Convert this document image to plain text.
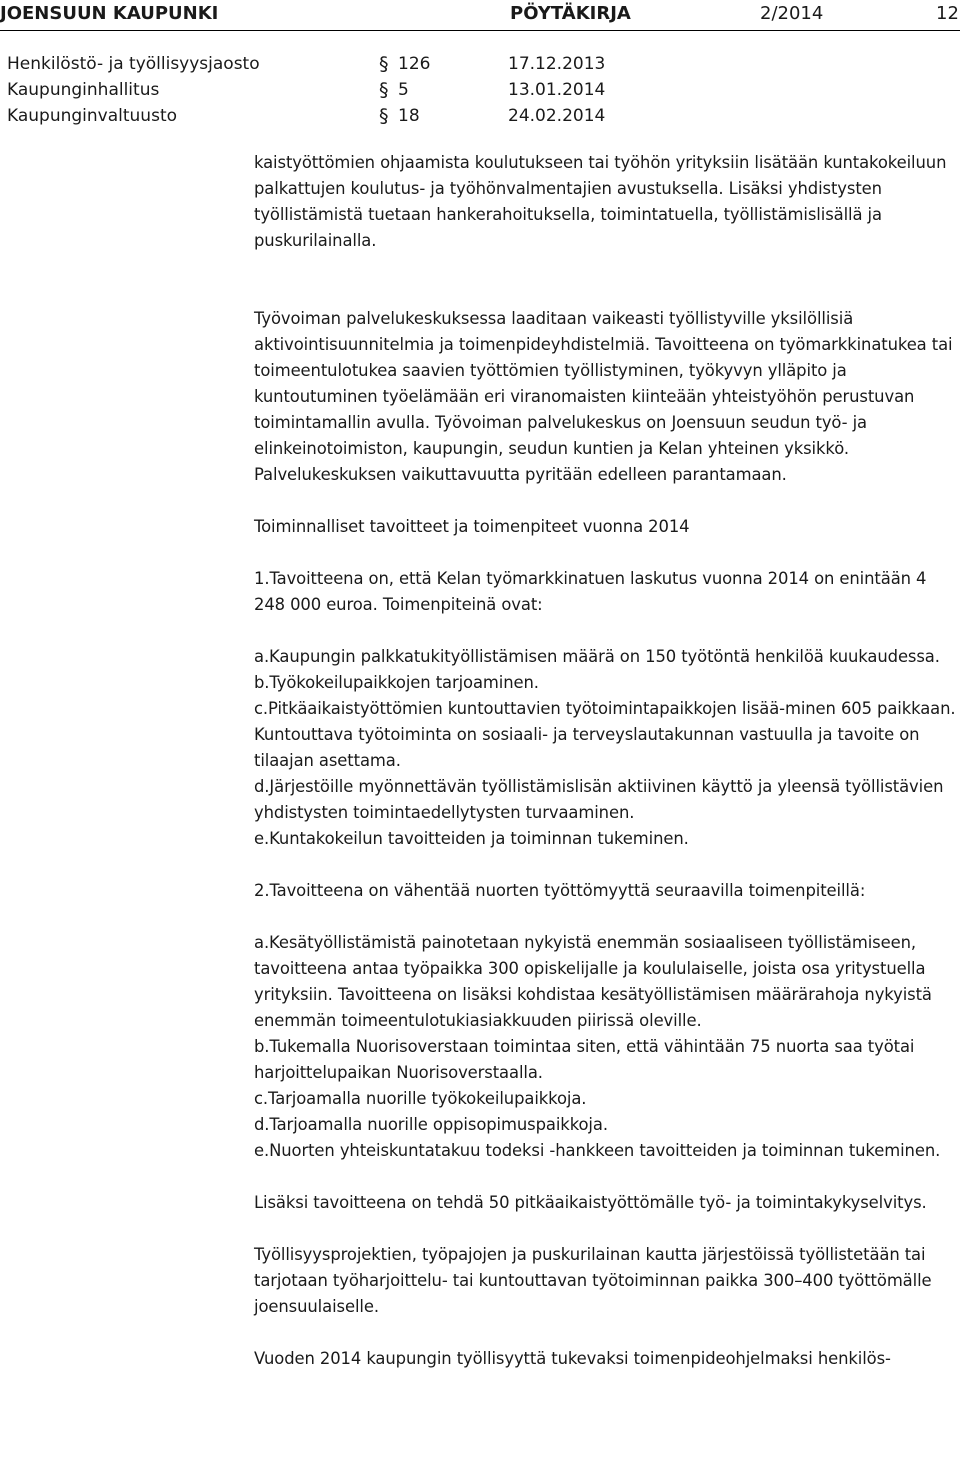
JOENSUUN KAUPUNKI	PÖYTÄKIRJA	2/2014	12
Henkilöstö- ja työllisyysjaosto	§ 126	17.12.2013
Kaupunginhallitus	§ 5	13.01.2014
Kaupunginvaltuusto	§ 18	24.02.2014

kaistyöttömien ohjaamista koulutukseen tai työhön yrityksiin lisätään kuntakokeiluun palkattujen koulutus- ja työhönvalmentajien avustuksella. Lisäksi yhdistysten työllistämistä tuetaan hankerahoituksella, toimintatuella, työllistämislisällä ja puskurilainalla.

Työvoiman palvelukeskuksessa laaditaan vaikeasti työllistyville yksilöllisiä aktivointisuunnitelmia ja toimenpideyhdistelmiä. Tavoitteena on työmarkkinatukea tai toimeentulotukea saavien työttömien työllistyminen, työkyvyn ylläpito ja kuntoutuminen työelämään eri viranomaisten kiinteään yhteistyöhön perustuvan toimintamallin avulla. Työvoiman palvelukeskus on Joensuun seudun työ- ja elinkeinotoimiston, kaupungin, seudun kuntien ja Kelan yhteinen yksikkö. Palvelukeskuksen vaikuttavuutta pyritään edelleen parantamaan.

Toiminnalliset tavoitteet ja toimenpiteet vuonna 2014

1.Tavoitteena on, että Kelan työmarkkinatuen laskutus vuonna 2014 on enintään 4 248 000 euroa. Toimenpiteinä ovat:

a.Kaupungin palkkatukityöllistämisen määrä on 150 työtöntä henkilöä kuukaudessa.

b.Työkokeilupaikkojen tarjoaminen.

c.Pitkäaikaistyöttömien kuntouttavien työtoimintapaikkojen lisää-minen 605 paikkaan. Kuntouttava työtoiminta on sosiaali- ja terveyslautakunnan vastuulla ja tavoite on tilaajan asettama.

d.Järjestöille myönnettävän työllistämislisän aktiivinen käyttö ja yleensä työllistävien yhdistysten toimintaedellytysten turvaaminen.

e.Kuntakokeilun tavoitteiden ja toiminnan tukeminen.

2.Tavoitteena on vähentää nuorten työttömyyttä seuraavilla toimenpiteillä:

a.Kesätyöllistämistä painotetaan nykyistä enemmän sosiaaliseen työllistämiseen, tavoitteena antaa työpaikka 300 opiskelijalle ja koululaiselle, joista osa yritystuella yrityksiin. Tavoitteena on lisäksi kohdistaa kesätyöllistämisen määrärahoja nykyistä enemmän toimeentulotukiasiakkuuden piirissä oleville.

b.Tukemalla Nuorisoverstaan toimintaa siten, että vähintään 75 nuorta saa työtai harjoittelupaikan Nuorisoverstaalla.

c.Tarjoamalla nuorille työkokeilupaikkoja.

d.Tarjoamalla nuorille oppisopimuspaikkoja.

e.Nuorten yhteiskuntatakuu todeksi -hankkeen tavoitteiden ja toiminnan tukeminen.

Lisäksi tavoitteena on tehdä 50 pitkäaikaistyöttömälle työ- ja toimintakykyselvitys.

Työllisyysprojektien, työpajojen ja puskurilainan kautta järjestöissä työllistetään tai tarjotaan työharjoittelu- tai kuntouttavan työtoiminnan paikka 300–400 työttömälle joensuulaiselle.

Vuoden 2014 kaupungin työllisyyttä tukevaksi toimenpideohjelmaksi henkilös-
